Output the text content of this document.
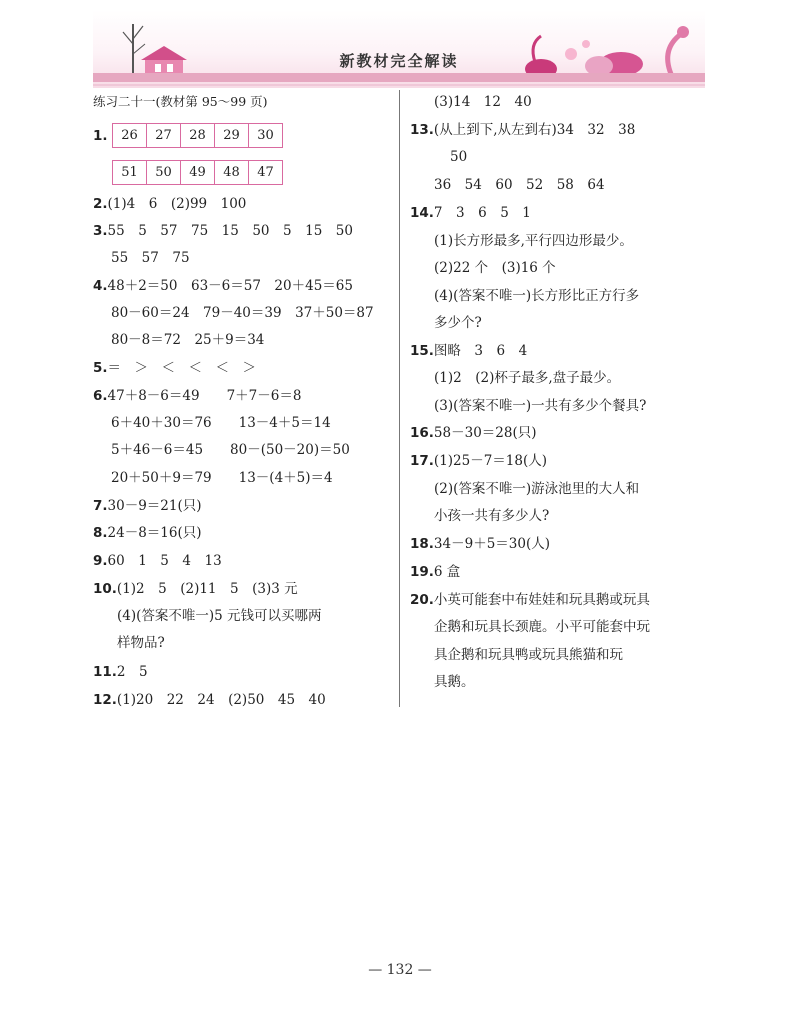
新教材完全解读
练习二十一(教材第 95～99 页)
1.	26	27	28	29	30
51	50	49	48	47
2.(1)4　6　(2)99　100
3.55　5　57　75　15　50　5　15　50
55　57　75
4.48＋2＝50　63－6＝57　20＋45＝65
80－60＝24　79－40＝39　37＋50＝87
80－8＝72　25＋9＝34
5.＝　＞　＜　＜　＜　＞
6.47＋8－6＝49　　7＋7－6＝8
6＋40＋30＝76　　13－4＋5＝14
5＋46－6＝45　　80－(50－20)＝50
20＋50＋9＝79　　13－(4＋5)＝4
7.30－9＝21(只)
8.24－8＝16(只)
9.60　1　5　4　13
10.(1)2　5　(2)11　5　(3)3 元
(4)(答案不唯一)5 元钱可以买哪两
样物品?
11.2　5
12.(1)20　22　24　(2)50　45　40
(3)14　12　40
13.(从上到下,从左到右)34　32　38
50
36　54　60　52　58　64
14.7　3　6　5　1
(1)长方形最多,平行四边形最少。
(2)22 个　(3)16 个
(4)(答案不唯一)长方形比正方行多
多少个?
15.图略　3　6　4
(1)2　(2)杯子最多,盘子最少。
(3)(答案不唯一)一共有多少个餐具?
16.58－30＝28(只)
17.(1)25－7＝18(人)
(2)(答案不唯一)游泳池里的大人和
小孩一共有多少人?
18.34－9＋5＝30(人)
19.6 盒
20.小英可能套中布娃娃和玩具鹅或玩具
企鹅和玩具长颈鹿。小平可能套中玩
具企鹅和玩具鸭或玩具熊猫和玩
具鹅。
— 132 —
